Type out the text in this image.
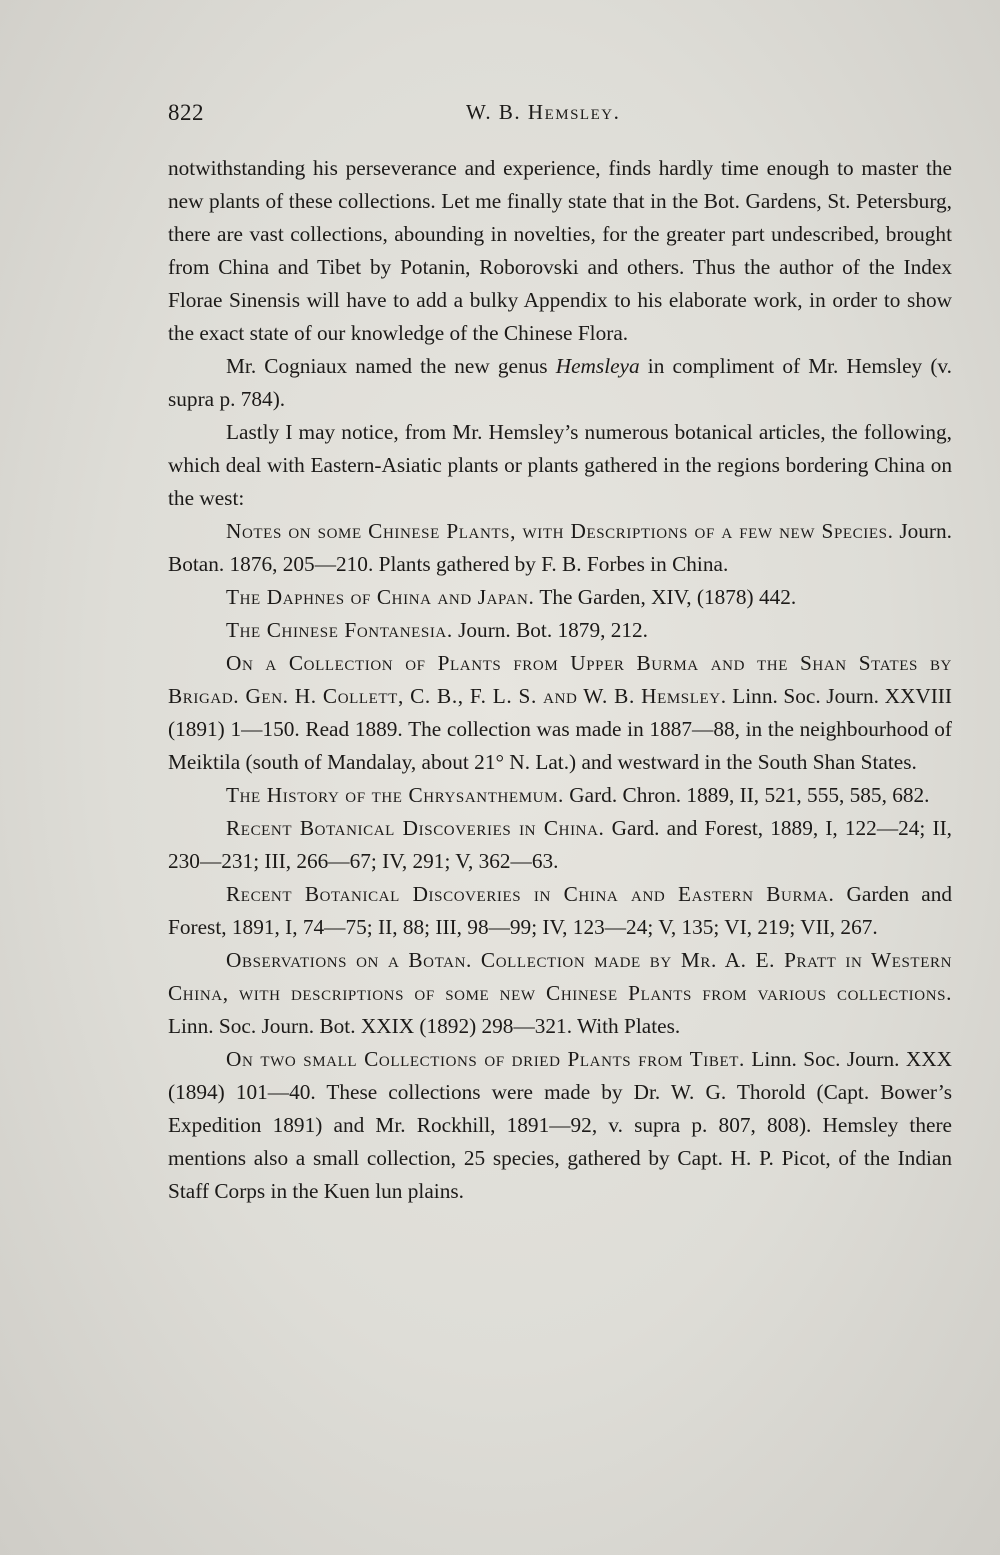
822	W. B. Hemsley.

notwithstanding his perseverance and experience, finds hardly time enough to master the new plants of these collections. Let me finally state that in the Bot. Gardens, St. Petersburg, there are vast collections, abounding in novelties, for the greater part undescribed, brought from China and Tibet by Potanin, Roborovski and others. Thus the author of the Index Florae Sinensis will have to add a bulky Appendix to his elaborate work, in order to show the exact state of our knowledge of the Chinese Flora.

Mr. Cogniaux named the new genus Hemsleya in compliment of Mr. Hemsley (v. supra p. 784).

Lastly I may notice, from Mr. Hemsley’s numerous botanical articles, the following, which deal with Eastern-Asiatic plants or plants gathered in the regions bordering China on the west:

Notes on some Chinese Plants, with Descriptions of a few new Species. Journ. Botan. 1876, 205—210. Plants gathered by F. B. Forbes in China.

The Daphnes of China and Japan. The Garden, XIV, (1878) 442.

The Chinese Fontanesia. Journ. Bot. 1879, 212.

On a Collection of Plants from Upper Burma and the Shan States by Brigad. Gen. H. Collett, C. B., F. L. S. and W. B. Hemsley. Linn. Soc. Journ. XXVIII (1891) 1—150. Read 1889. The collection was made in 1887—88, in the neighbourhood of Meiktila (south of Mandalay, about 21° N. Lat.) and westward in the South Shan States.

The History of the Chrysanthemum. Gard. Chron. 1889, II, 521, 555, 585, 682.

Recent Botanical Discoveries in China. Gard. and Forest, 1889, I, 122—24; II, 230—231; III, 266—67; IV, 291; V, 362—63.

Recent Botanical Discoveries in China and Eastern Burma. Garden and Forest, 1891, I, 74—75; II, 88; III, 98—99; IV, 123—24; V, 135; VI, 219; VII, 267.

Observations on a Botan. Collection made by Mr. A. E. Pratt in Western China, with descriptions of some new Chinese Plants from various collections. Linn. Soc. Journ. Bot. XXIX (1892) 298—321. With Plates.

On two small Collections of dried Plants from Tibet. Linn. Soc. Journ. XXX (1894) 101—40. These collections were made by Dr. W. G. Thorold (Capt. Bower’s Expedition 1891) and Mr. Rockhill, 1891—92, v. supra p. 807, 808). Hemsley there mentions also a small collection, 25 species, gathered by Capt. H. P. Picot, of the Indian Staff Corps in the Kuen lun plains.
